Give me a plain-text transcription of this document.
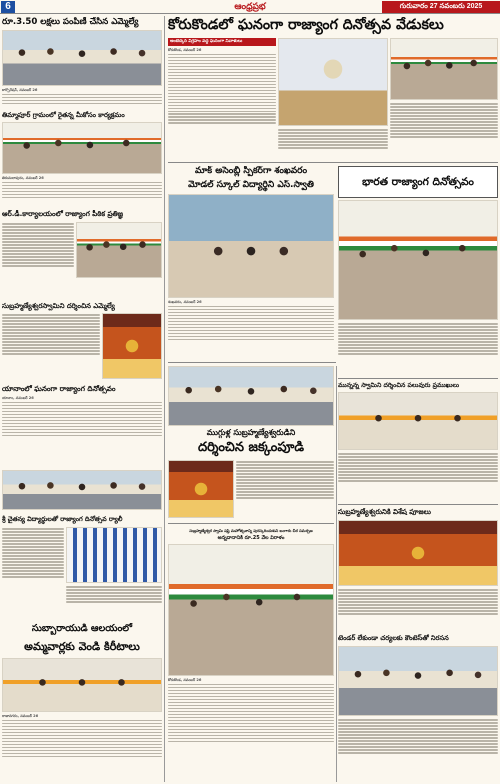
6	ఆంధ్రప్రభ	గురువారం 27 నవంబరు 2025
రూ.3.50 లక్షలు పంపిణీ చేసిన ఎమ్మెల్యే
కార్పొరేషన్, నవంబర్ 26
తిమ్మాపూర్ గ్రామంలో రైతన్న మీకోసం కార్యక్రమం
తిరుమలాపురం, నవంబర్ 26
ఆర్.డీ.కార్యాలయంలో రాజ్యాంగ పీఠిక ప్రతిజ్ఞ
సుబ్రహ్మణ్యేశ్వరస్వామిని దర్శించిన ఎమ్మెల్యే
యానాంలో ఘనంగా రాజ్యాంగ దినోత్సవం
యానాం, నవంబర్ 26
శ్రీ చైతన్య విద్యార్థులతో రాజ్యాంగ దినోత్సవ ర్యాలీ
సుబ్బారాయుడి ఆలయంలో
అమ్మవార్లకు వెండి కిరీటాలు
రాజానగరం, నవంబర్ 26
కోరుకొండలో ఘనంగా రాజ్యాంగ దినోత్సవ వేడుకలు
అంబేద్కర్ విగ్రహం వద్ద ఘనంగా నివాళులు
కోరుకొండ, నవంబర్ 26
మాక్ అసెంబ్లీ స్పీకర్‌గా శంఖవరం
మోడల్ స్కూల్ విద్యార్థిని ఎస్.స్వాతి
శంఖవరం, నవంబర్ 26
భారత రాజ్యాంగ దినోత్సవం
ముగ్గుళ్ల సుబ్రహ్మణ్యేశ్వరుడిని
దర్శించిన జక్కంపూడి
మున్నన్న స్వామిని దర్శించిన పలువురు ప్రముఖులు
సుబ్రహ్మణ్యేశ్వర స్వామి షష్ఠి మహోత్సవాన్ని పురస్కరించుకుని బంగారు చీర సమర్పణ
అన్నదానానికి రూ.25 వేల విరాళం
కోరుకొండ, నవంబర్ 26
సుబ్రహ్మణ్యేశ్వరునికి విశేష పూజలు
టెండర్ లేకుండా చర్యలకు కౌంటెస్‌తో నిరసన
